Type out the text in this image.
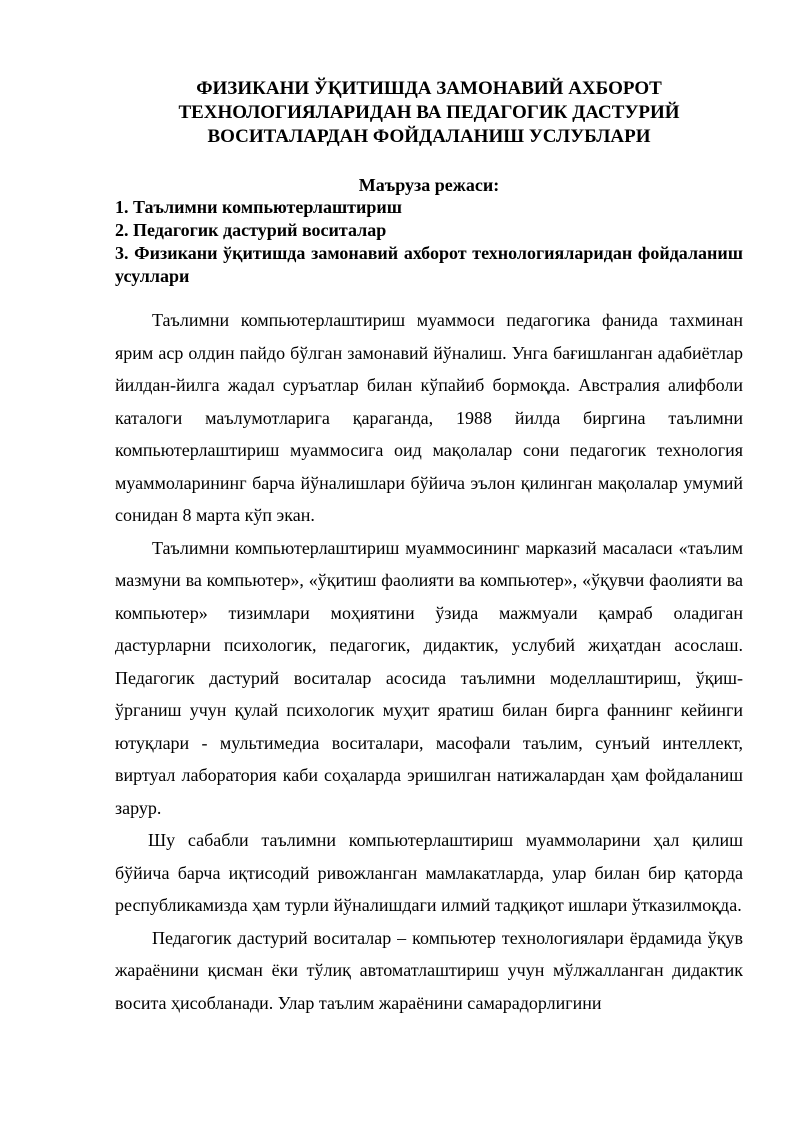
ФИЗИКАНИ ЎҚИТИШДА ЗАМОНАВИЙ АХБОРОТ
ТЕХНОЛОГИЯЛАРИДАН ВА ПЕДАГОГИК ДАСТУРИЙ
ВОСИТАЛАРДАН ФОЙДАЛАНИШ УСЛУБЛАРИ
Маъруза режаси:
1. Таълимни компьютерлаштириш
2. Педагогик дастурий воситалар
3. Физикани ўқитишда замонавий ахборот технологияларидан фойдаланиш усуллари

Таълимни компьютерлаштириш муаммоси педагогика фанида тахминан ярим аср олдин пайдо бўлган замонавий йўналиш. Унга бағишланган адабиётлар йилдан-йилга жадал суръатлар билан кўпайиб бормоқда. Австралия алифболи каталоги маълумотларига қараганда, 1988 йилда биргина таълимни компьютерлаштириш муаммосига оид мақолалар сони педагогик технология муаммоларининг барча йўналишлари бўйича эълон қилинган мақолалар умумий сонидан 8 марта кўп экан.

Таълимни компьютерлаштириш муаммосининг марказий масаласи «таълим мазмуни ва компьютер», «ўқитиш фаолияти ва компьютер», «ўқувчи фаолияти ва компьютер» тизимлари моҳиятини ўзида мажмуали қамраб оладиган дастурларни психологик, педагогик, дидактик, услубий жиҳатдан асослаш. Педагогик дастурий воситалар асосида таълимни моделлаштириш, ўқиш-ўрганиш учун қулай психологик муҳит яратиш билан бирга фаннинг кейинги ютуқлари - мультимедиа воситалари, масофали таълим, сунъий интеллект, виртуал лаборатория каби соҳаларда эришилган натижалардан ҳам фойдаланиш зарур.

Шу сабабли таълимни компьютерлаштириш муаммоларини ҳал қилиш бўйича барча иқтисодий ривожланган мамлакатларда, улар билан бир қаторда республикамизда ҳам турли йўналишдаги илмий тадқиқот ишлари ўтказилмоқда.

Педагогик дастурий воситалар – компьютер технологиялари ёрдамида ўқув жараёнини қисман ёки тўлиқ автоматлаштириш учун мўлжалланган дидактик восита ҳисобланади. Улар таълим жараёнини самарадорлигини
